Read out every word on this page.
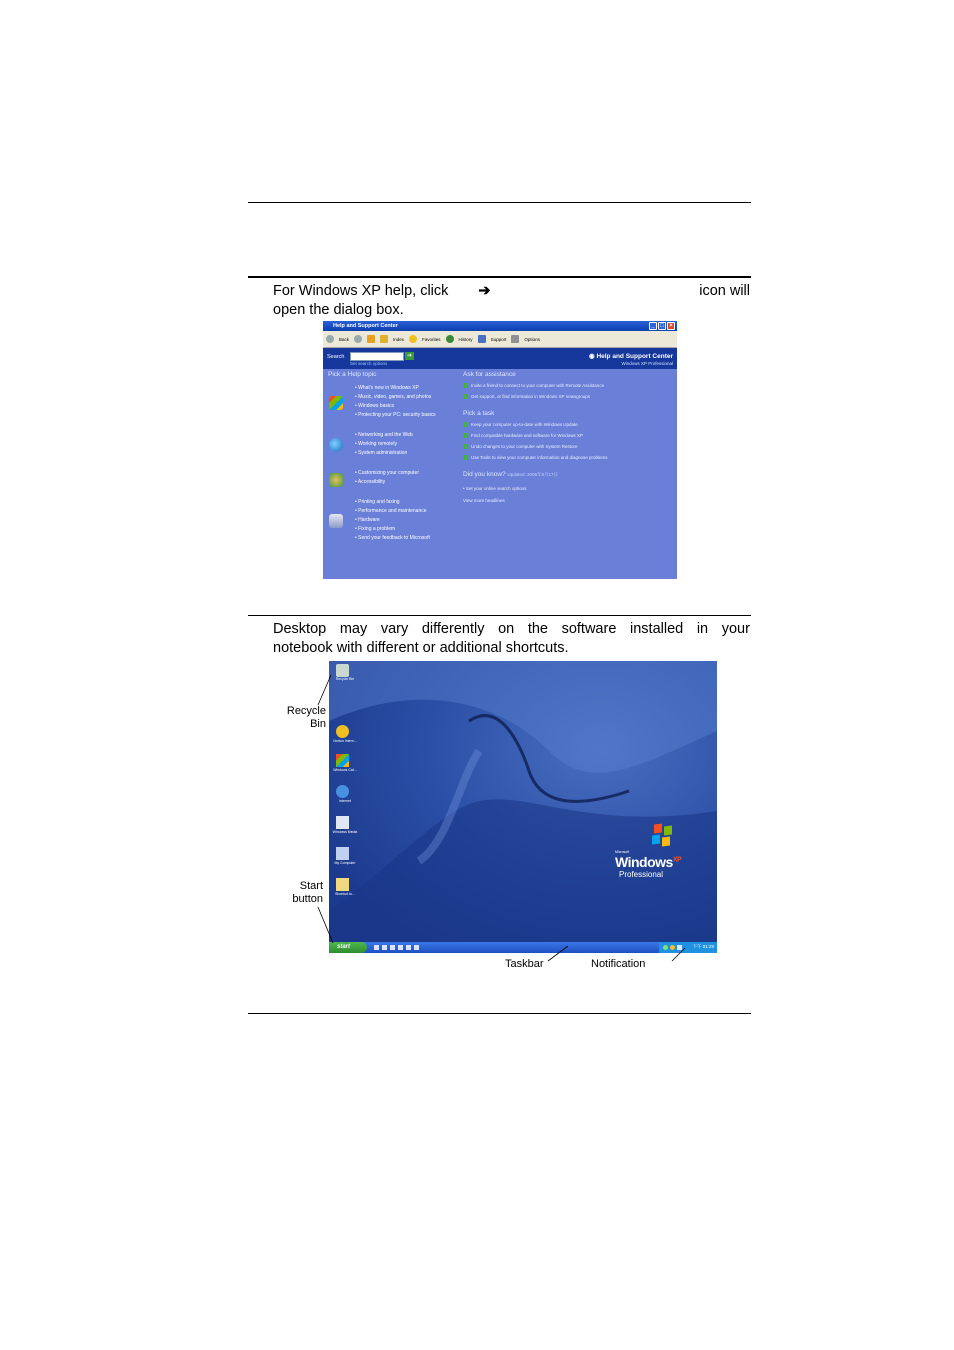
For Windows XP help, click ➔	icon will
open the dialog box.
Help and Support Center	_ □ ×
Back	Index	Favorites	History	Support	Options
Search	➔
Set search options
◉ Help and Support Center
Windows XP Professional
Pick a Help topic
• What's new in Windows XP
• Music, video, games, and photos
• Windows basics
• Protecting your PC: security basics
• Networking and the Web
• Working remotely
• System administration
• Customizing your computer
• Accessibility
• Printing and faxing
• Performance and maintenance
• Hardware
• Fixing a problem
• Send your feedback to Microsoft
Ask for assistance
Invite a friend to connect to your computer with Remote Assistance
Get support, or find information in Windows XP newsgroups
Pick a task
Keep your computer up-to-date with Windows Update
Find compatible hardware and software for Windows XP
Undo changes to your computer with System Restore
Use Tools to view your computer information and diagnose problems
Did you know? Updated: 2005年8月17日
• Set your online search options
View more headlines
Desktop may vary differently on the software installed in your
notebook with different or additional shortcuts.
Recycle Bin
Norton Intern...
Windows Cat...
Internet
Windows Media
My Computer
Shortcut to...
Microsoft
Windows$^{XP}$
Professional
start	下午 01:29
Recycle
Bin
Start
button
Taskbar	Notification
